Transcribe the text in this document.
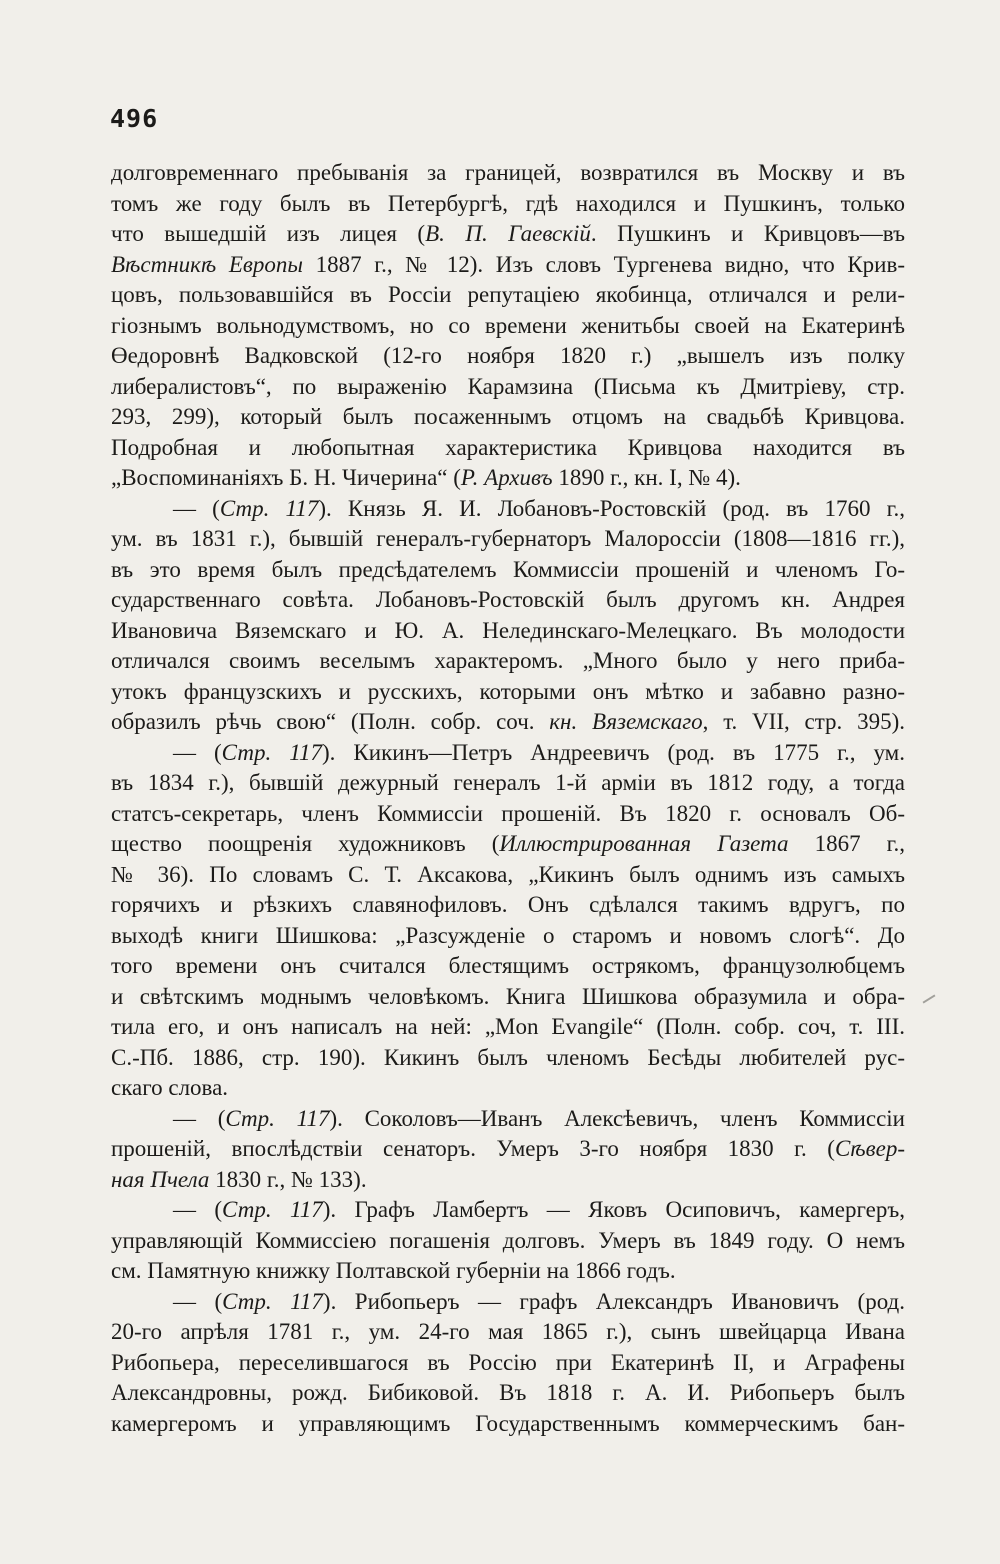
496

долговременнаго пребыванія за границей, возвратился въ Москву и въ
томъ же году былъ въ Петербургѣ, гдѣ находился и Пушкинъ, только
что вышедшій изъ лицея (В. П. Гаевскій. Пушкинъ и Кривцовъ—въ
Вѣстникѣ Европы 1887 г., № 12). Изъ словъ Тургенева видно, что Крив-
цовъ, пользовавшійся въ Россіи репутаціею якобинца, отличался и рели-
гіознымъ вольнодумствомъ, но со времени женитьбы своей на Екатеринѣ
Өедоровнѣ Вадковской (12-го ноября 1820 г.) „вышелъ изъ полку
либералистовъ“, по выраженію Карамзина (Письма къ Дмитріеву, стр.
293, 299), который былъ посаженнымъ отцомъ на свадьбѣ Кривцова.
Подробная и любопытная характеристика Кривцова находится въ
„Воспоминаніяхъ Б. Н. Чичерина“ (Р. Архивъ 1890 г., кн. I, № 4).
— (Стр. 117). Князь Я. И. Лобановъ-Ростовскій (род. въ 1760 г.,
ум. въ 1831 г.), бывшій генералъ-губернаторъ Малороссіи (1808—1816 гг.),
въ это время былъ предсѣдателемъ Коммиссіи прошеній и членомъ Го-
сударственнаго совѣта. Лобановъ-Ростовскій былъ другомъ кн. Андрея
Ивановича Вяземскаго и Ю. А. Нелединскаго-Мелецкаго. Въ молодости
отличался своимъ веселымъ характеромъ. „Много было у него приба-
утокъ французскихъ и русскихъ, которыми онъ мѣтко и забавно разно-
образилъ рѣчь свою“ (Полн. собр. соч. кн. Вяземскаго, т. VII, стр. 395).
— (Стр. 117). Кикинъ—Петръ Андреевичъ (род. въ 1775 г., ум.
въ 1834 г.), бывшій дежурный генералъ 1-й арміи въ 1812 году, а тогда
статсъ-секретарь, членъ Коммиссіи прошеній. Въ 1820 г. основалъ Об-
щество поощренія художниковъ (Иллюстрированная Газета 1867 г.,
№ 36). По словамъ С. Т. Аксакова, „Кикинъ былъ однимъ изъ самыхъ
горячихъ и рѣзкихъ славянофиловъ. Онъ сдѣлался такимъ вдругъ, по
выходѣ книги Шишкова: „Разсужденіе о старомъ и новомъ слогѣ“. До
того времени онъ считался блестящимъ острякомъ, французолюбцемъ
и свѣтскимъ моднымъ человѣкомъ. Книга Шишкова образумила и обра-
тила его, и онъ написалъ на ней: „Mon Evangile“ (Полн. собр. соч, т. III.
С.-Пб. 1886, стр. 190). Кикинъ былъ членомъ Бесѣды любителей рус-
скаго слова.
— (Стр. 117). Соколовъ—Иванъ Алексѣевичъ, членъ Коммиссіи
прошеній, впослѣдствіи сенаторъ. Умеръ 3-го ноября 1830 г. (Сѣвер-
ная Пчела 1830 г., № 133).
— (Стр. 117). Графъ Ламбертъ — Яковъ Осиповичъ, камергеръ,
управляющій Коммиссіею погашенія долговъ. Умеръ въ 1849 году. О немъ
см. Памятную книжку Полтавской губерніи на 1866 годъ.
— (Стр. 117). Рибопьеръ — графъ Александръ Ивановичъ (род.
20-го апрѣля 1781 г., ум. 24-го мая 1865 г.), сынъ швейцарца Ивана
Рибопьера, переселившагося въ Россію при Екатеринѣ II, и Аграфены
Александровны, рожд. Бибиковой. Въ 1818 г. А. И. Рибопьеръ былъ
камергеромъ и управляющимъ Государственнымъ коммерческимъ бан-
